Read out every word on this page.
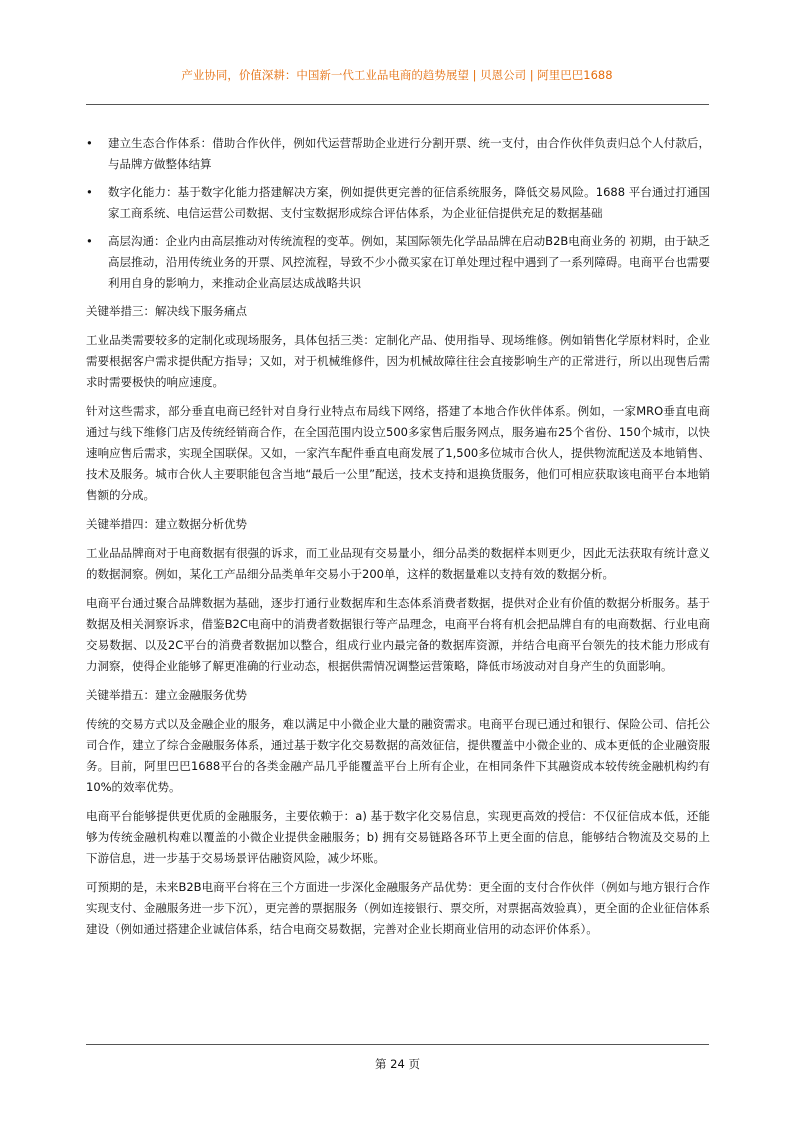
产业协同，价值深耕：中国新一代工业品电商的趋势展望 | 贝恩公司 | 阿里巴巴1688
• 建立生态合作体系：借助合作伙伴，例如代运营帮助企业进行分割开票、统一支付，由合作伙伴负责归总个人付款后，与品牌方做整体结算
• 数字化能力：基于数字化能力搭建解决方案，例如提供更完善的征信系统服务，降低交易风险。1688 平台通过打通国家工商系统、电信运营公司数据、支付宝数据形成综合评估体系，为企业征信提供充足的数据基础
• 高层沟通：企业内由高层推动对传统流程的变革。例如，某国际领先化学品品牌在启动B2B电商业务的 初期，由于缺乏高层推动，沿用传统业务的开票、风控流程，导致不少小微买家在订单处理过程中遇到了一系列障碍。电商平台也需要利用自身的影响力，来推动企业高层达成战略共识
关键举措三：解决线下服务痛点

工业品类需要较多的定制化或现场服务，具体包括三类：定制化产品、使用指导、现场维修。例如销售化学原材料时，企业需要根据客户需求提供配方指导；又如，对于机械维修件，因为机械故障往往会直接影响生产的正常进行，所以出现售后需求时需要极快的响应速度。

针对这些需求，部分垂直电商已经针对自身行业特点布局线下网络，搭建了本地合作伙伴体系。例如，一家MRO垂直电商通过与线下维修门店及传统经销商合作，在全国范围内设立500多家售后服务网点，服务遍布25个省份、150个城市，以快速响应售后需求，实现全国联保。又如，一家汽车配件垂直电商发展了1,500多位城市合伙人，提供物流配送及本地销售、技术及服务。城市合伙人主要职能包含当地“最后一公里”配送，技术支持和退换货服务，他们可相应获取该电商平台本地销售额的分成。

关键举措四：建立数据分析优势

工业品品牌商对于电商数据有很强的诉求，而工业品现有交易量小，细分品类的数据样本则更少，因此无法获取有统计意义的数据洞察。例如，某化工产品细分品类单年交易小于200单，这样的数据量难以支持有效的数据分析。

电商平台通过聚合品牌数据为基础，逐步打通行业数据库和生态体系消费者数据，提供对企业有价值的数据分析服务。基于数据及相关洞察诉求，借鉴B2C电商中的消费者数据银行等产品理念，电商平台将有机会把品牌自有的电商数据、行业电商交易数据、以及2C平台的消费者数据加以整合，组成行业内最完备的数据库资源，并结合电商平台领先的技术能力形成有力洞察，使得企业能够了解更准确的行业动态，根据供需情况调整运营策略，降低市场波动对自身产生的负面影响。

关键举措五：建立金融服务优势

传统的交易方式以及金融企业的服务，难以满足中小微企业大量的融资需求。电商平台现已通过和银行、保险公司、信托公司合作，建立了综合金融服务体系，通过基于数字化交易数据的高效征信，提供覆盖中小微企业的、成本更低的企业融资服务。目前，阿里巴巴1688平台的各类金融产品几乎能覆盖平台上所有企业，在相同条件下其融资成本较传统金融机构约有10%的效率优势。

电商平台能够提供更优质的金融服务，主要依赖于：a) 基于数字化交易信息，实现更高效的授信：不仅征信成本低，还能够为传统金融机构难以覆盖的小微企业提供金融服务；b) 拥有交易链路各环节上更全面的信息，能够结合物流及交易的上下游信息，进一步基于交易场景评估融资风险，减少坏账。

可预期的是，未来B2B电商平台将在三个方面进一步深化金融服务产品优势：更全面的支付合作伙伴（例如与地方银行合作实现支付、金融服务进一步下沉），更完善的票据服务（例如连接银行、票交所，对票据高效验真），更全面的企业征信体系建设（例如通过搭建企业诚信体系，结合电商交易数据，完善对企业长期商业信用的动态评价体系）。

第 24 页
